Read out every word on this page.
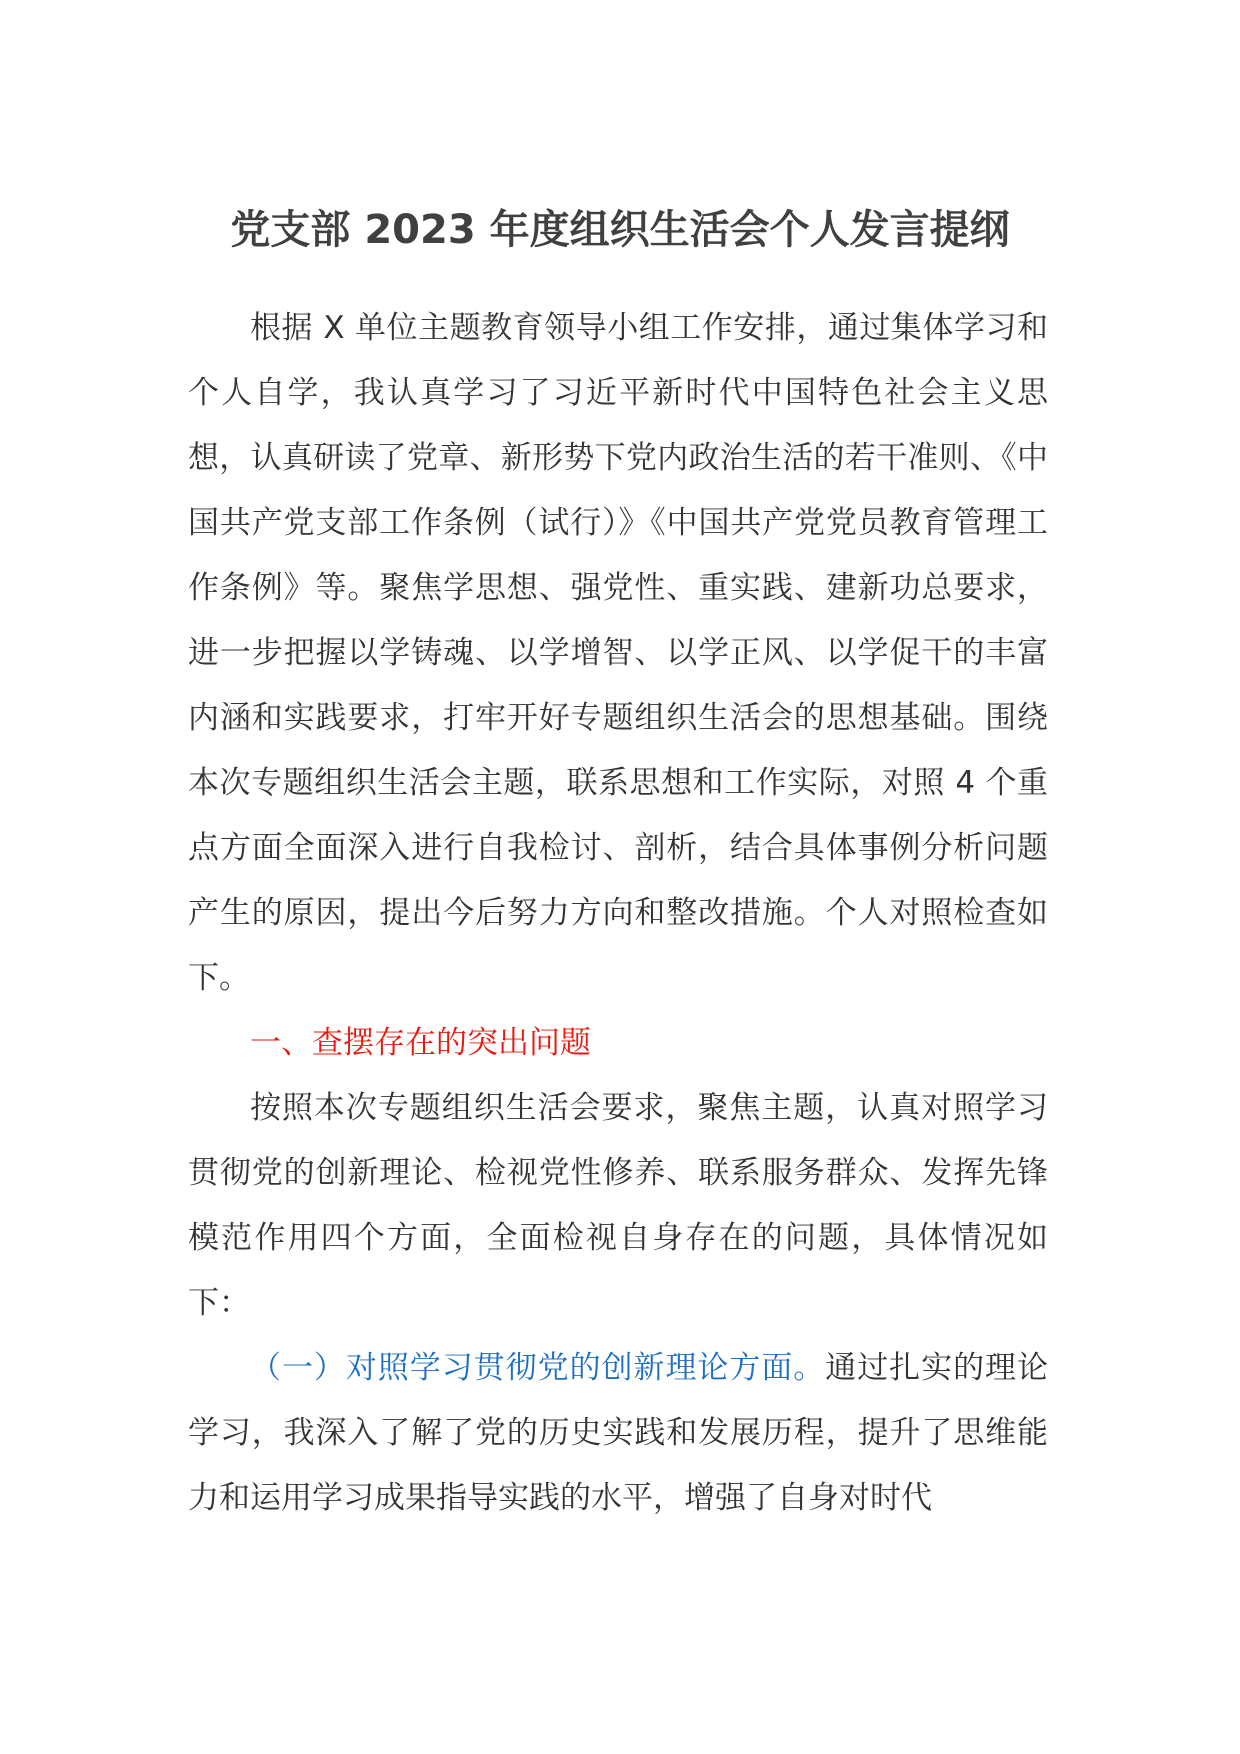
党支部 2023 年度组织生活会个人发言提纲

根据 X 单位主题教育领导小组工作安排，通过集体学习和个人自学，我认真学习了习近平新时代中国特色社会主义思想，认真研读了党章、新形势下党内政治生活的若干准则、《中国共产党支部工作条例（试行）》《中国共产党党员教育管理工作条例》等。聚焦学思想、强党性、重实践、建新功总要求，进一步把握以学铸魂、以学增智、以学正风、以学促干的丰富内涵和实践要求，打牢开好专题组织生活会的思想基础。围绕本次专题组织生活会主题，联系思想和工作实际，对照 4 个重点方面全面深入进行自我检讨、剖析，结合具体事例分析问题产生的原因，提出今后努力方向和整改措施。个人对照检查如下。

一、查摆存在的突出问题

按照本次专题组织生活会要求，聚焦主题，认真对照学习贯彻党的创新理论、检视党性修养、联系服务群众、发挥先锋模范作用四个方面，全面检视自身存在的问题，具体情况如下：

（一）对照学习贯彻党的创新理论方面。通过扎实的理论学习，我深入了解了党的历史实践和发展历程，提升了思维能力和运用学习成果指导实践的水平，增强了自身对时代
